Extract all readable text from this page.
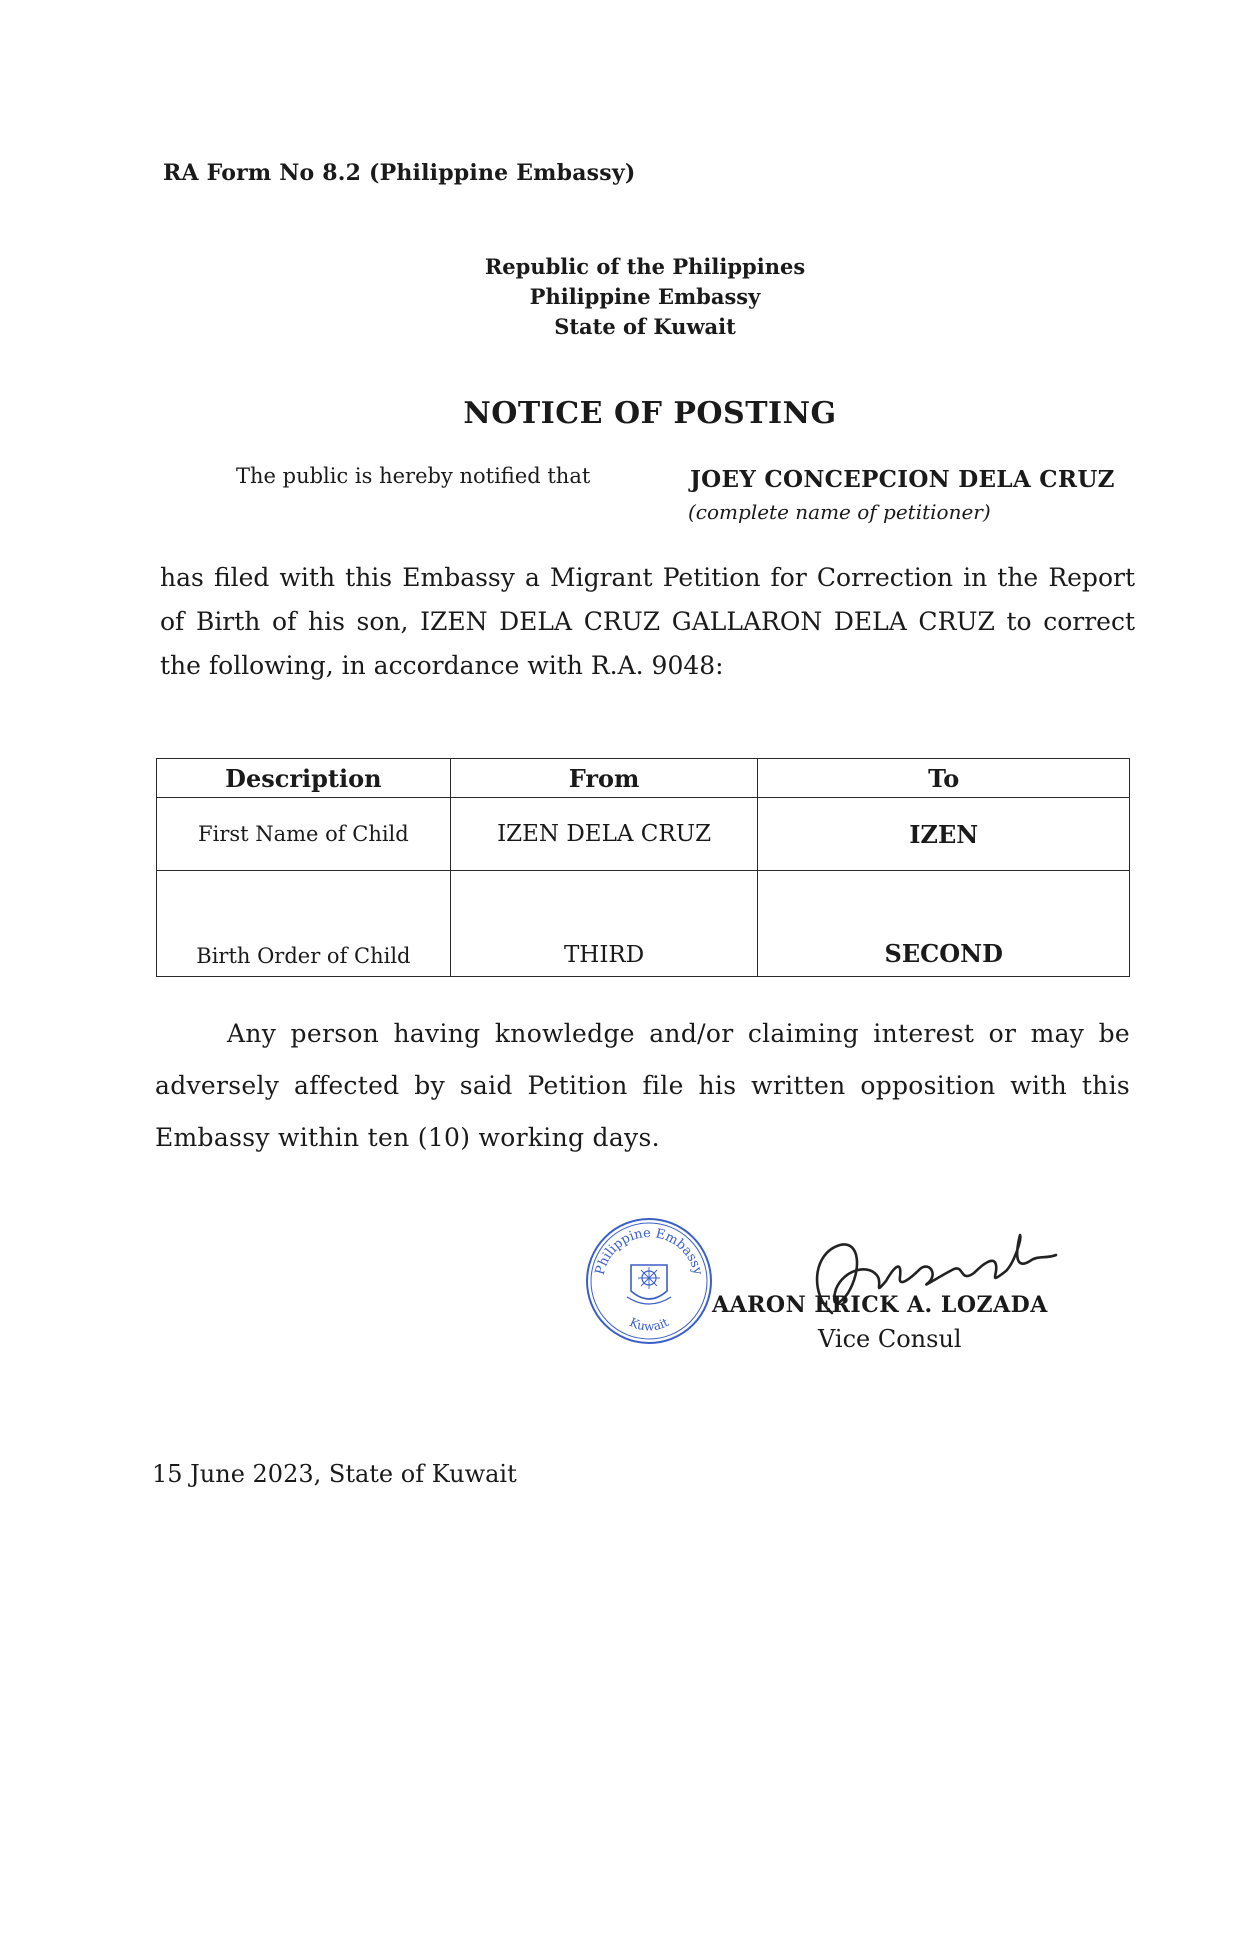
RA Form No 8.2 (Philippine Embassy)
Republic of the Philippines
Philippine Embassy
State of Kuwait
NOTICE OF POSTING
The public is hereby notified that	JOEY CONCEPCION DELA CRUZ
(complete name of petitioner)
has filed with this Embassy a Migrant Petition for Correction in the Report of Birth of his son, IZEN DELA CRUZ GALLARON DELA CRUZ to correct the following, in accordance with R.A. 9048:
Description	From	To
First Name of Child	IZEN DELA CRUZ	IZEN
Birth Order of Child	THIRD	SECOND
Any person having knowledge and/or claiming interest or may be adversely affected by said Petition file his written opposition with this Embassy within ten (10) working days.
Philippine Embassy
Kuwait
AARON ERICK A. LOZADA
Vice Consul
15 June 2023, State of Kuwait
